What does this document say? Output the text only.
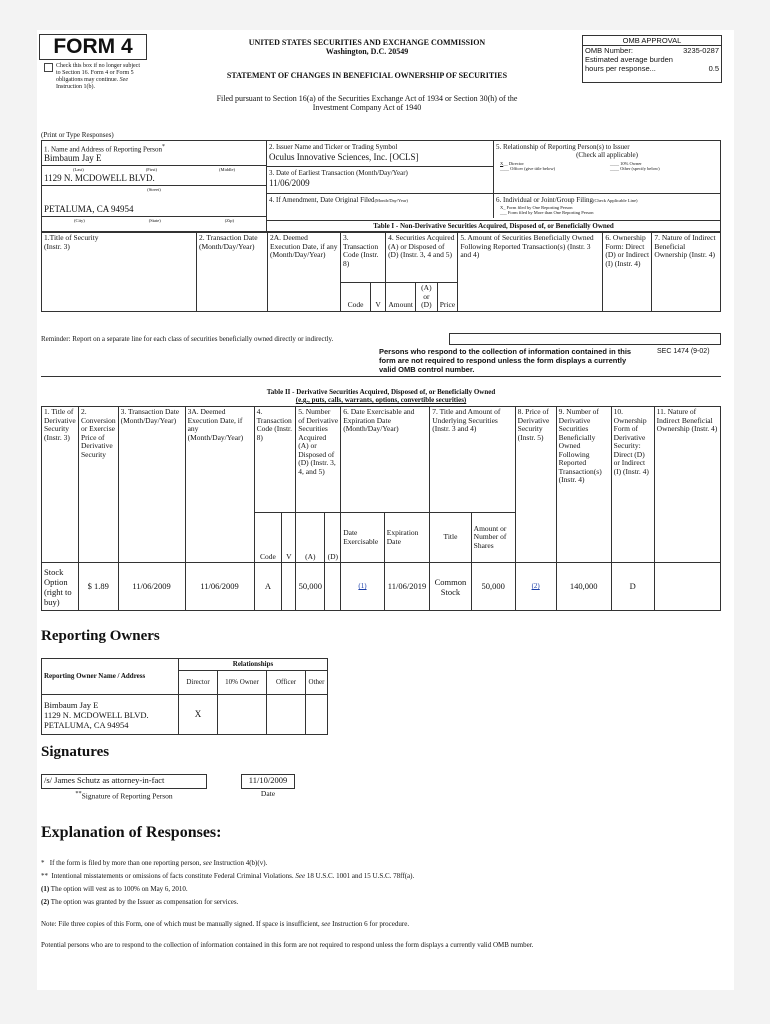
FORM 4
Check this box if no longer subject to Section 16. Form 4 or Form 5 obligations may continue. See Instruction 1(b).
UNITED STATES SECURITIES AND EXCHANGE COMMISSION
Washington, D.C. 20549
STATEMENT OF CHANGES IN BENEFICIAL OWNERSHIP OF SECURITIES
Filed pursuant to Section 16(a) of the Securities Exchange Act of 1934 or Section 30(h) of the
Investment Company Act of 1940
OMB APPROVAL
OMB Number:	3235-0287
Estimated average burden
hours per response...	0.5
(Print or Type Responses)
1. Name and Address of Reporting Person*
Bimbaum Jay E
(Last)	(First)	(Middle)
1129 N. MCDOWELL BLVD.
(Street)
PETALUMA, CA 94954
(City)	(State)	(Zip)
2. Issuer Name and Ticker or Trading Symbol
Oculus Innovative Sciences, Inc. [OCLS]
3. Date of Earliest Transaction (Month/Day/Year)
11/06/2009
4. If Amendment, Date Original Filed(Month/Day/Year)
5. Relationship of Reporting Person(s) to Issuer
(Check all applicable)
X__ Director	____ 10% Owner
____ Officer (give title below)	____ Other (specify below)
6. Individual or Joint/Group Filing(Check Applicable Line)
X_ Form filed by One Reporting Person
___ Form filed by More than One Reporting Person
Table I - Non-Derivative Securities Acquired, Disposed of, or Beneficially Owned
1.Title of Security
(Instr. 3)	2. Transaction Date (Month/Day/Year)	2A. Deemed Execution Date, if any (Month/Day/Year)	3. Transaction Code (Instr. 8)		4. Securities Acquired (A) or Disposed of (D) (Instr. 3, 4 and 5)			5. Amount of Securities Beneficially Owned Following Reported Transaction(s) (Instr. 3 and 4)	6. Ownership Form: Direct (D) or Indirect (I) (Instr. 4)	7. Nature of Indirect Beneficial Ownership (Instr. 4)
			Code	V	Amount	(A) or (D)	Price			
Reminder: Report on a separate line for each class of securities beneficially owned directly or indirectly.
Persons who respond to the collection of information contained in this form are not required to respond unless the form displays a currently valid OMB control number.
SEC 1474 (9-02)
Table II - Derivative Securities Acquired, Disposed of, or Beneficially Owned
(e.g., puts, calls, warrants, options, convertible securities)
1. Title of Derivative Security (Instr. 3)	2. Conversion or Exercise Price of Derivative Security	3. Transaction Date (Month/Day/Year)	3A. Deemed Execution Date, if any (Month/Day/Year)	4. Transaction Code (Instr. 8)		5. Number of Derivative Securities Acquired (A) or Disposed of (D) (Instr. 3, 4, and 5)		6. Date Exercisable and Expiration Date (Month/Day/Year)		7. Title and Amount of Underlying Securities (Instr. 3 and 4)		8. Price of Derivative Security (Instr. 5)	9. Number of Derivative Securities Beneficially Owned Following Reported Transaction(s) (Instr. 4)	10. Ownership Form of Derivative Security: Direct (D) or Indirect (I) (Instr. 4)	11. Nature of Indirect Beneficial Ownership (Instr. 4)
				Code	V	(A)	(D)	Date Exercisable	Expiration Date	Title	Amount or Number of Shares				
Stock Option (right to buy)	$ 1.89	11/06/2009	11/06/2009	A		50,000		(1)	11/06/2019	Common Stock	50,000	(2)	140,000	D	
Reporting Owners
Reporting Owner Name / Address	Relationships			
	Director	10% Owner	Officer	Other

Bimbaum Jay E
1129 N. MCDOWELL BLVD.
PETALUMA, CA 94954	X			
Signatures
/s/ James Schutz as attorney-in-fact		11/10/2009
**Signature of Reporting Person		Date
Explanation of Responses:
* If the form is filed by more than one reporting person, see Instruction 4(b)(v).
** Intentional misstatements or omissions of facts constitute Federal Criminal Violations. See 18 U.S.C. 1001 and 15 U.S.C. 78ff(a).
(1) The option will vest as to 100% on May 6, 2010.
(2) The option was granted by the Issuer as compensation for services.
Note: File three copies of this Form, one of which must be manually signed. If space is insufficient, see Instruction 6 for procedure.
Potential persons who are to respond to the collection of information contained in this form are not required to respond unless the form displays a currently valid OMB number.
